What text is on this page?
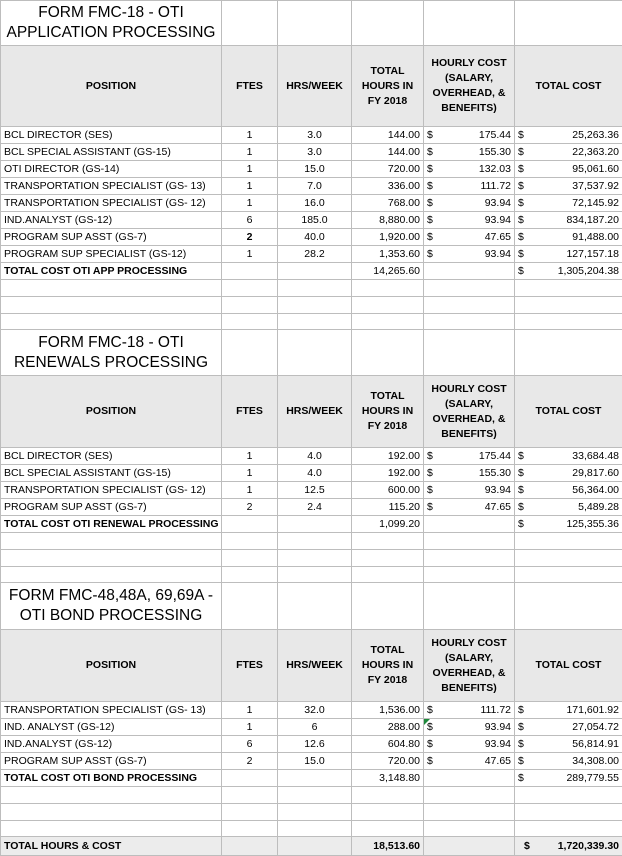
FORM FMC-18 - OTI APPLICATION PROCESSING					
POSITION	FTES	HRS/WEEK	TOTAL HOURS IN FY 2018	HOURLY COST (SALARY, OVERHEAD, & BENEFITS)	TOTAL COST
BCL DIRECTOR (SES)	1	3.0	144.00	$ 175.44	$ 25,263.36

BCL SPECIAL ASSISTANT (GS-15)	1	3.0	144.00	$ 155.30	$ 22,363.20

OTI DIRECTOR (GS-14)	1	15.0	720.00	$ 132.03	$ 95,061.60

TRANSPORTATION SPECIALIST (GS- 13)	1	7.0	336.00	$ 111.72	$ 37,537.92

TRANSPORTATION SPECIALIST (GS- 12)	1	16.0	768.00	$ 93.94	$ 72,145.92

IND.ANALYST (GS-12)	6	185.0	8,880.00	$ 93.94	$ 834,187.20

PROGRAM SUP ASST (GS-7)	2	40.0	1,920.00	$ 47.65	$ 91,488.00

PROGRAM SUP SPECIALIST (GS-12)	1	28.2	1,353.60	$ 93.94	$ 127,157.18

TOTAL COST OTI APP PROCESSING			14,265.60		$ 1,305,204.38

FORM FMC-18 - OTI RENEWALS PROCESSING					
POSITION	FTES	HRS/WEEK	TOTAL HOURS IN FY 2018	HOURLY COST (SALARY, OVERHEAD, & BENEFITS)	TOTAL COST
BCL DIRECTOR (SES)	1	4.0	192.00	$ 175.44	$ 33,684.48

BCL SPECIAL ASSISTANT (GS-15)	1	4.0	192.00	$ 155.30	$ 29,817.60

TRANSPORTATION SPECIALIST (GS- 12)	1	12.5	600.00	$ 93.94	$ 56,364.00

PROGRAM SUP ASST (GS-7)	2	2.4	115.20	$ 47.65	$ 5,489.28

TOTAL COST OTI RENEWAL PROCESSING			1,099.20		$ 125,355.36

FORM FMC-48,48A, 69,69A - OTI BOND PROCESSING					
POSITION	FTES	HRS/WEEK	TOTAL HOURS IN FY 2018	HOURLY COST (SALARY, OVERHEAD, & BENEFITS)	TOTAL COST
TRANSPORTATION SPECIALIST (GS- 13)	1	32.0	1,536.00	$ 111.72	$ 171,601.92

IND. ANALYST (GS-12)	1	6	288.00	$ 93.94	$ 27,054.72

IND.ANALYST (GS-12)	6	12.6	604.80	$ 93.94	$ 56,814.91

PROGRAM SUP ASST (GS-7)	2	15.0	720.00	$ 47.65	$ 34,308.00

TOTAL COST OTI BOND PROCESSING			3,148.80		$ 289,779.55

TOTAL HOURS & COST			18,513.60		$ 1,720,339.30
